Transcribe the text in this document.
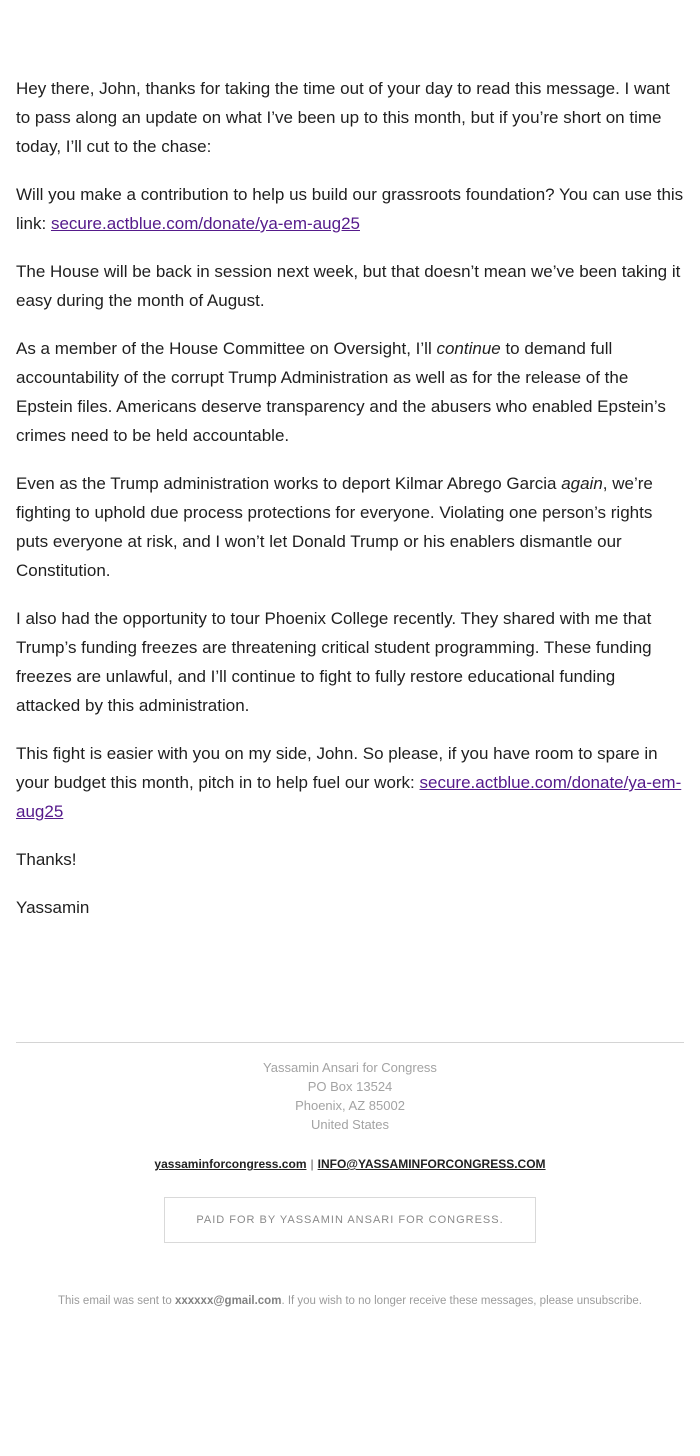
Hey there, John, thanks for taking the time out of your day to read this message. I want to pass along an update on what I’ve been up to this month, but if you’re short on time today, I’ll cut to the chase:

Will you make a contribution to help us build our grassroots foundation? You can use this link: secure.actblue.com/donate/ya-em-aug25

The House will be back in session next week, but that doesn’t mean we’ve been taking it easy during the month of August.

As a member of the House Committee on Oversight, I’ll continue to demand full accountability of the corrupt Trump Administration as well as for the release of the Epstein files. Americans deserve transparency and the abusers who enabled Epstein’s crimes need to be held accountable.

Even as the Trump administration works to deport Kilmar Abrego Garcia again, we’re fighting to uphold due process protections for everyone. Violating one person’s rights puts everyone at risk, and I won’t let Donald Trump or his enablers dismantle our Constitution.

I also had the opportunity to tour Phoenix College recently. They shared with me that Trump’s funding freezes are threatening critical student programming. These funding freezes are unlawful, and I’ll continue to fight to fully restore educational funding attacked by this administration.

This fight is easier with you on my side, John. So please, if you have room to spare in your budget this month, pitch in to help fuel our work: secure.actblue.com/donate/ya-em-aug25

Thanks!

Yassamin

Yassamin Ansari for Congress
PO Box 13524
Phoenix, AZ 85002
United States
yassaminforcongress.com | INFO@YASSAMINFORCONGRESS.COM
PAID FOR BY YASSAMIN ANSARI FOR CONGRESS.
This email was sent to xxxxxx@gmail.com. If you wish to no longer receive these messages, please unsubscribe.
